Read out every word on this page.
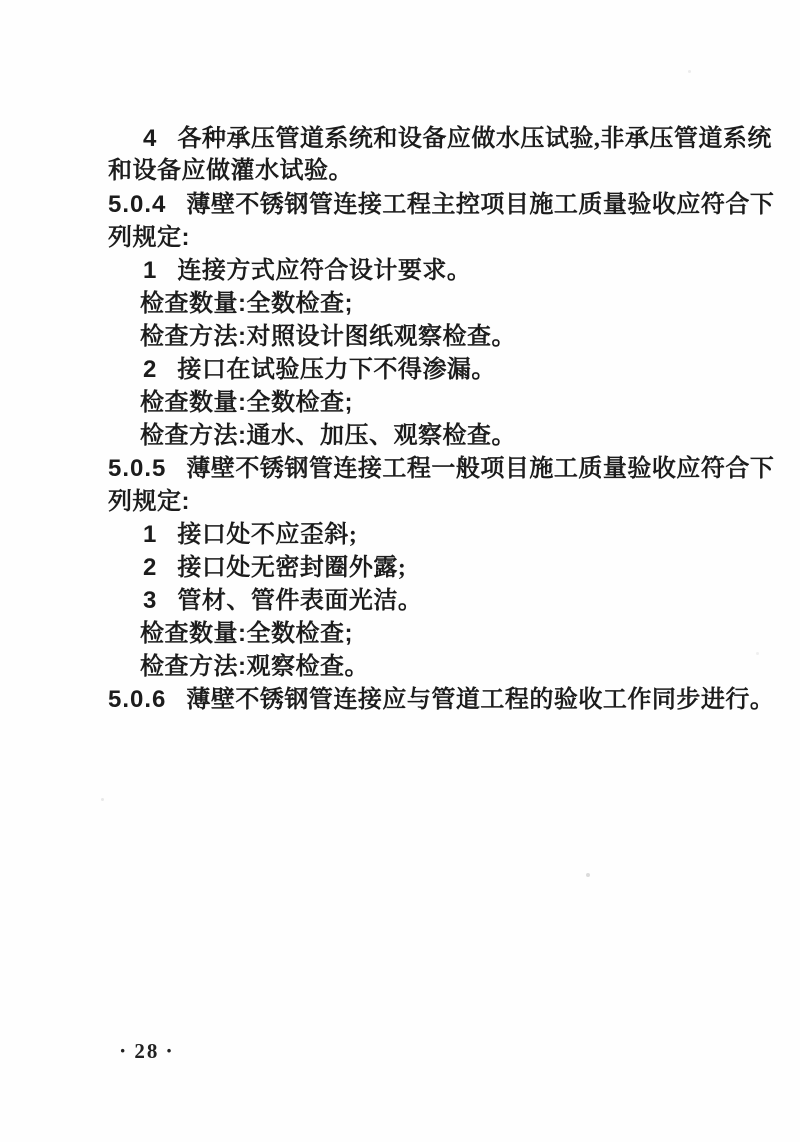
4 各种承压管道系统和设备应做水压试验,非承压管道系统
和设备应做灌水试验。
5.0.4 薄壁不锈钢管连接工程主控项目施工质量验收应符合下
列规定:
1 连接方式应符合设计要求。
检查数量:全数检查;
检查方法:对照设计图纸观察检查。
2 接口在试验压力下不得渗漏。
检查数量:全数检查;
检查方法:通水、加压、观察检查。
5.0.5 薄壁不锈钢管连接工程一般项目施工质量验收应符合下
列规定:
1 接口处不应歪斜;
2 接口处无密封圈外露;
3 管材、管件表面光洁。
检查数量:全数检查;
检查方法:观察检查。
5.0.6 薄壁不锈钢管连接应与管道工程的验收工作同步进行。
· 28 ·
